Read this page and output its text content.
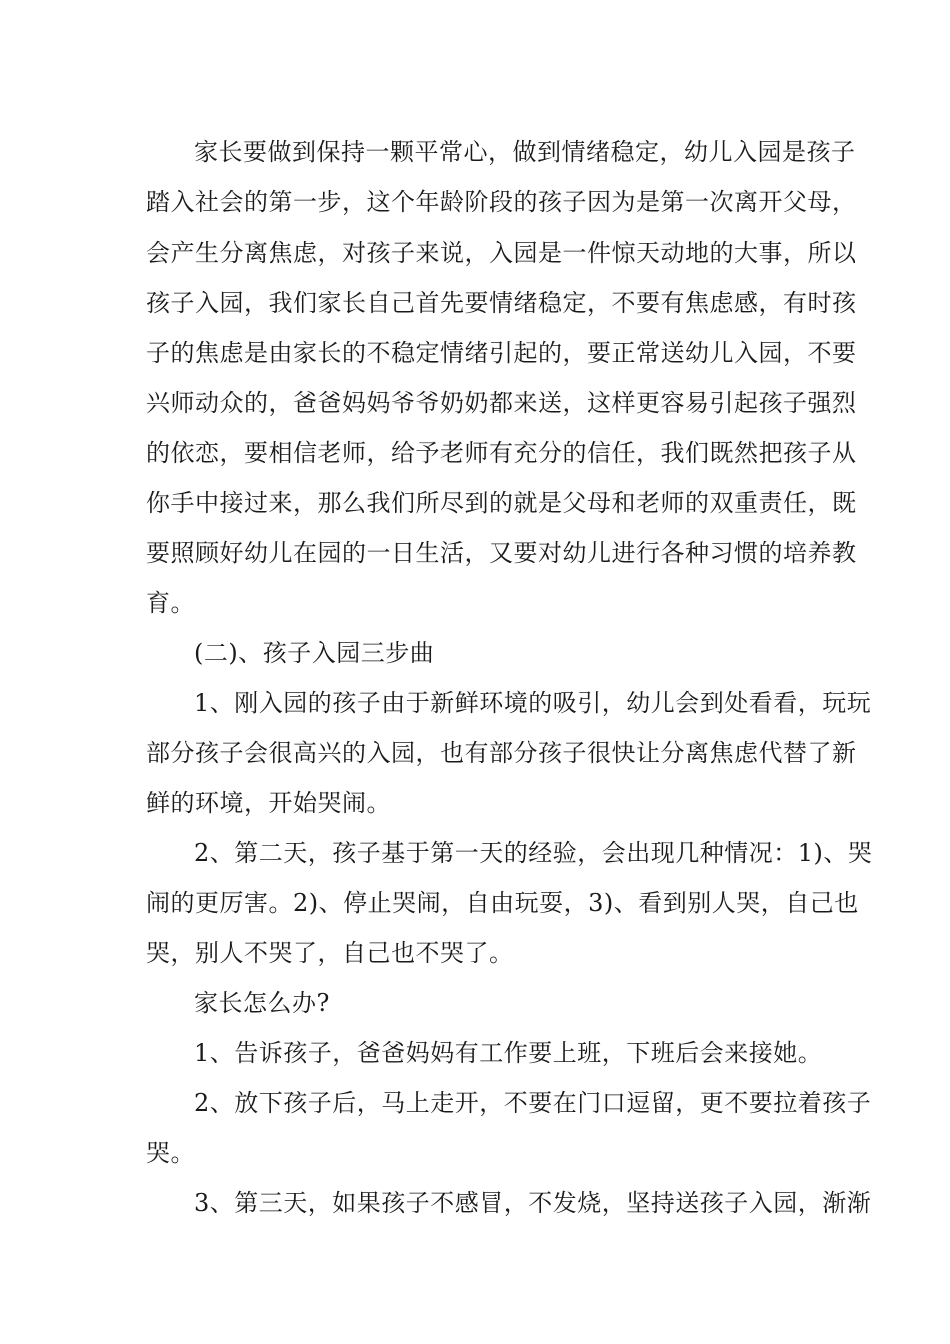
家长要做到保持一颗平常心，做到情绪稳定，幼儿入园是孩子
踏入社会的第一步，这个年龄阶段的孩子因为是第一次离开父母，
会产生分离焦虑，对孩子来说，入园是一件惊天动地的大事，所以
孩子入园，我们家长自己首先要情绪稳定，不要有焦虑感，有时孩
子的焦虑是由家长的不稳定情绪引起的，要正常送幼儿入园，不要
兴师动众的，爸爸妈妈爷爷奶奶都来送，这样更容易引起孩子强烈
的依恋，要相信老师，给予老师有充分的信任，我们既然把孩子从
你手中接过来，那么我们所尽到的就是父母和老师的双重责任，既
要照顾好幼儿在园的一日生活，又要对幼儿进行各种习惯的培养教
育。
(二)、孩子入园三步曲
1、刚入园的孩子由于新鲜环境的吸引，幼儿会到处看看，玩玩
部分孩子会很高兴的入园，也有部分孩子很快让分离焦虑代替了新
鲜的环境，开始哭闹。
2、第二天，孩子基于第一天的经验，会出现几种情况：1)、哭
闹的更厉害。2)、停止哭闹，自由玩耍，3)、看到别人哭，自己也
哭，别人不哭了，自己也不哭了。
家长怎么办?
1、告诉孩子，爸爸妈妈有工作要上班，下班后会来接她。
2、放下孩子后，马上走开，不要在门口逗留，更不要拉着孩子
哭。
3、第三天，如果孩子不感冒，不发烧，坚持送孩子入园，渐渐
